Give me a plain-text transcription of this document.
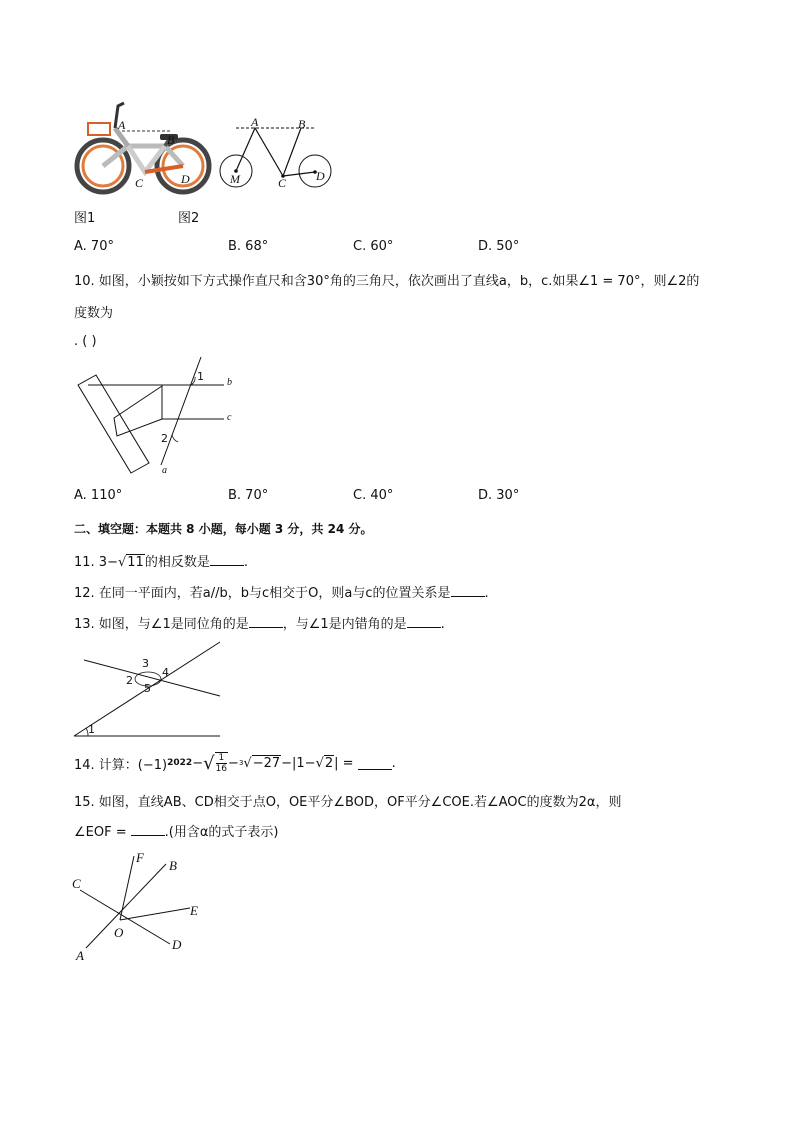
A
B
C	D
A	B
M	C D
图1	图2
A. 70°	B. 68°	C. 60°	D. 50°
10. 如图，小颖按如下方式操作直尺和含30°角的三角尺，依次画出了直线a，b，c.如果∠1 = 70°，则∠2的
度数为
. ( )
1
2
b
c
a
A. 110°	B. 70°	C. 40°	D. 30°
二、填空题：本题共 8 小题，每小题 3 分，共 24 分。
11. 3−√11的相反数是	.
12. 在同一平面内，若a//b，b与c相交于O，则a与c的位置关系是	.
13. 如图，与∠1是同位角的是	，与∠1是内错角的是	.
1
2
3
4
5
14. 计算：(−1) 2022 − √ $\frac{1}{16} - 3$ √ −27 −|1− √ 2 | =	.
15. 如图，直线AB、CD相交于点O，OE平分∠BOD，OF平分∠COE.若∠AOC的度数为2α，则
∠EOF =	.(用含α的式子表示)
C
F
B
E
O
D
A
